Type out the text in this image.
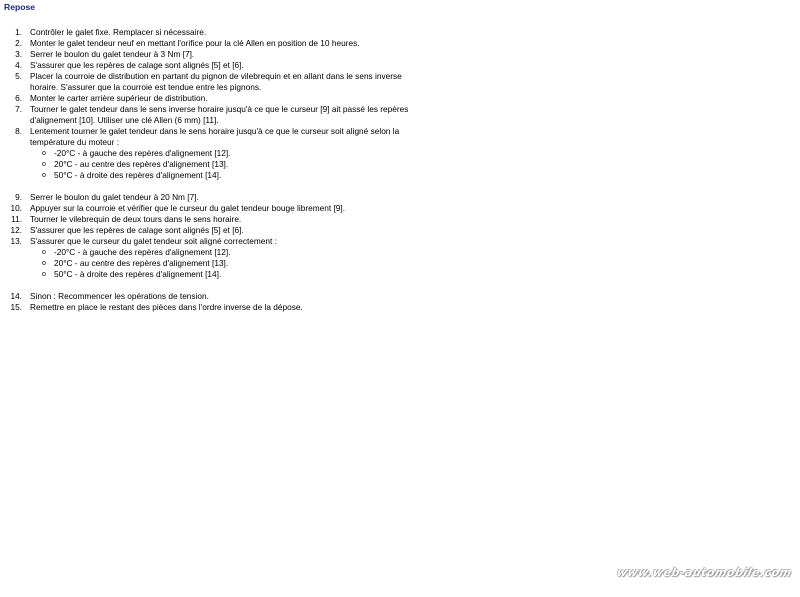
Repose
1. Contrôler le galet fixe. Remplacer si nécessaire.
2. Monter le galet tendeur neuf en mettant l'orifice pour la clé Allen en position de 10 heures.
3. Serrer le boulon du galet tendeur à 3 Nm [7].
4. S'assurer que les repères de calage sont alignés [5] et [6].
5. Placer la courroie de distribution en partant du pignon de vilebrequin et en allant dans le sens inverse horaire. S'assurer que la courroie est tendue entre les pignons.
6. Monter le carter arrière supérieur de distribution.
7. Tourner le galet tendeur dans le sens inverse horaire jusqu'à ce que le curseur [9] ait passé les repères d'alignement [10]. Utiliser une clé Allen (6 mm) [11].
8. Lentement tourner le galet tendeur dans le sens horaire jusqu'à ce que le curseur soit aligné selon la température du moteur :
o -20°C - à gauche des repères d'alignement [12].
o 20°C - au centre des repères d'alignement [13].
o 50°C - à droite des repères d'alignement [14].
9. Serrer le boulon du galet tendeur à 20 Nm [7].
10. Appuyer sur la courroie et vérifier que le curseur du galet tendeur bouge librement [9].
11. Tourner le vilebrequin de deux tours dans le sens horaire.
12. S'assurer que les repères de calage sont alignés [5] et [6].
13. S'assurer que le curseur du galet tendeur soit aligné correctement :
o -20°C - à gauche des repères d'alignement [12].
o 20°C - au centre des repères d'alignement [13].
o 50°C - à droite des repères d'alignement [14].
14. Sinon : Recommencer les opérations de tension.
15. Remettre en place le restant des pièces dans l'ordre inverse de la dépose.
www.web-automobile.com
